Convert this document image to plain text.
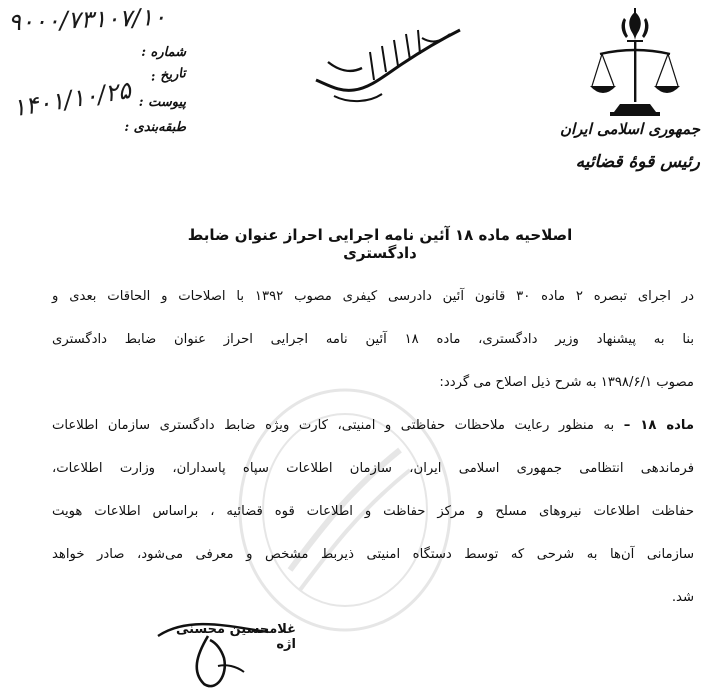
جمهوری اسلامی ایران
رئیس قوهٔ قضائیه
۹۰۰۰/۷۳۱۰۷/۱۰
شماره :
تاریخ :
پیوست :
طبقه‌بندی :
۱۴۰۱/۱۰/۲۵
اصلاحیه ماده ۱۸ آئین نامه اجرایی احراز عنوان ضابط دادگستری
در اجرای تبصره ۲ ماده ۳۰ قانون آئین دادرسی کیفری مصوب ۱۳۹۲ با اصلاحات و الحاقات بعدی و
بنا به پیشنهاد وزیر دادگستری، ماده ۱۸ آئین نامه اجرایی احراز عنوان ضابط دادگستری
مصوب ۱۳۹۸/۶/۱ به شرح ذیل اصلاح می گردد:
ماده ۱۸ – به منظور رعایت ملاحظات حفاظتی و امنیتی، کارت ویژه ضابط دادگستری سازمان اطلاعات
فرماندهی انتظامی جمهوری اسلامی ایران، سازمان اطلاعات سپاه پاسداران، وزارت اطلاعات،
حفاظت اطلاعات نیروهای مسلح و مرکز حفاظت و اطلاعات قوه قضائیه ، براساس اطلاعات هویت
سازمانی آن‌ها به شرحی که توسط دستگاه امنیتی ذیربط مشخص و معرفی می‌شود، صادر خواهد
شد.
غلامحسین محسنی اژه
